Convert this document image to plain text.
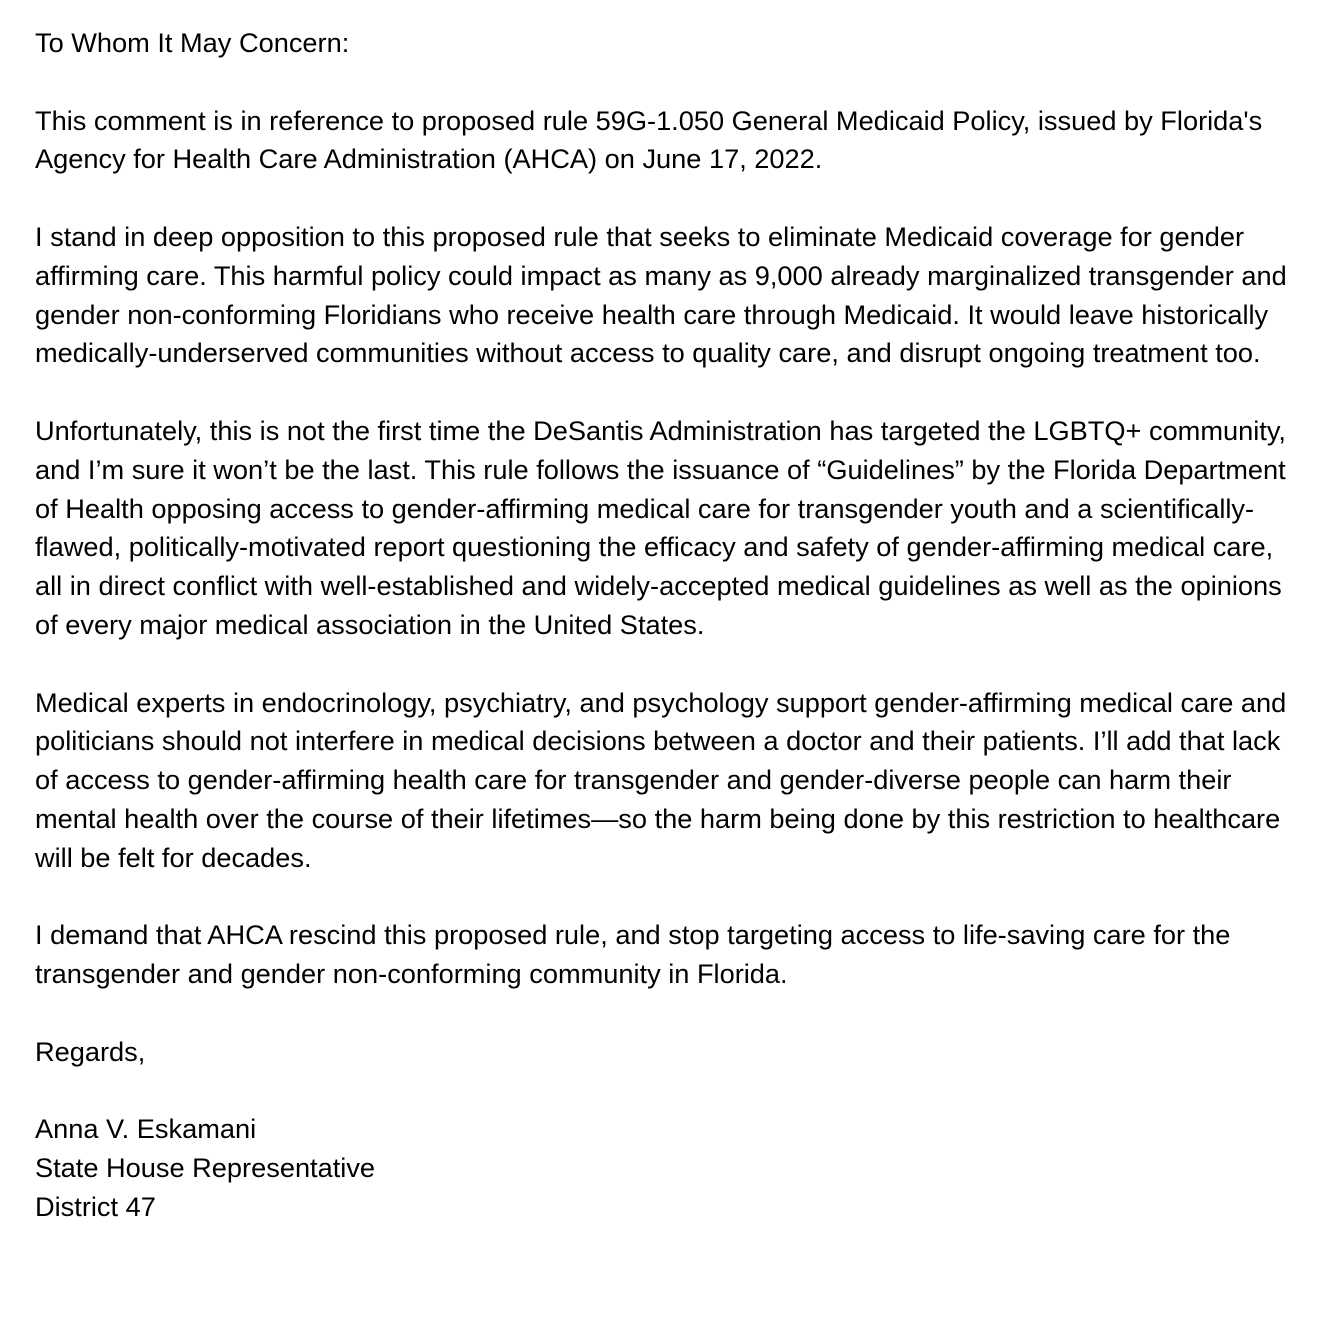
To Whom It May Concern:

This comment is in reference to proposed rule 59G-1.050 General Medicaid Policy, issued by Florida's Agency for Health Care Administration (AHCA) on June 17, 2022.

I stand in deep opposition to this proposed rule that seeks to eliminate Medicaid coverage for gender affirming care. This harmful policy could impact as many as 9,000 already marginalized transgender and gender non-conforming Floridians who receive health care through Medicaid. It would leave historically medically-underserved communities without access to quality care, and disrupt ongoing treatment too.

Unfortunately, this is not the first time the DeSantis Administration has targeted the LGBTQ+ community, and I’m sure it won’t be the last. This rule follows the issuance of “Guidelines” by the Florida Department of Health opposing access to gender-affirming medical care for transgender youth and a scientifically-flawed, politically-motivated report questioning the efficacy and safety of gender-affirming medical care, all in direct conflict with well-established and widely-accepted medical guidelines as well as the opinions of every major medical association in the United States.

Medical experts in endocrinology, psychiatry, and psychology support gender-affirming medical care and politicians should not interfere in medical decisions between a doctor and their patients. I’ll add that lack of access to gender-affirming health care for transgender and gender-diverse people can harm their mental health over the course of their lifetimes—so the harm being done by this restriction to healthcare will be felt for decades.

I demand that AHCA rescind this proposed rule, and stop targeting access to life-saving care for the transgender and gender non-conforming community in Florida.

Regards,

Anna V. Eskamani
State House Representative
District 47
